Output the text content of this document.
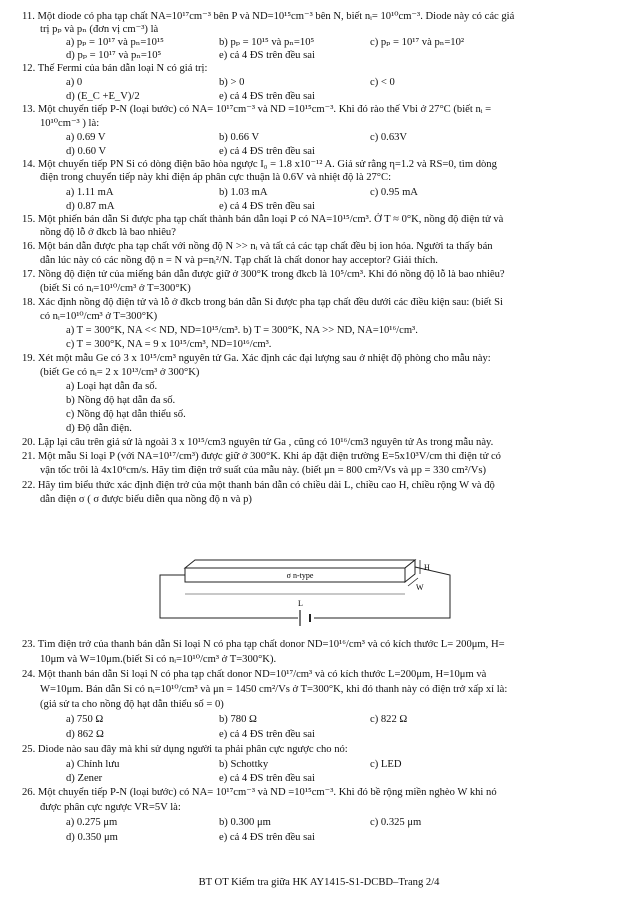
11. Một diode có pha tạp chất NA=10¹⁷cm⁻³ bên P và ND=10¹⁵cm⁻³ bên N, biết nᵢ= 10¹⁰cm⁻³. Diode này có các giá
trị pₚ và pₙ (đơn vị cm⁻³) là
a) pₚ = 10¹⁷ và pₙ=10¹⁵	b) pₚ = 10¹⁵ và pₙ=10⁵	c) pₚ = 10¹⁷ và pₙ=10²
d) pₚ = 10¹⁷ và pₙ=10⁵	e) cả 4 ĐS trên đều sai
12. Thế Fermi của bán dẫn loại N có giá trị:
a) 0	b) > 0	c) < 0
d) (E_C +E_V)/2	e) cả 4 ĐS trên đều sai
13. Một chuyển tiếp P-N (loại bước) có NA= 10¹⁷cm⁻³ và ND =10¹⁵cm⁻³. Khi đó rào thế Vbi ở 27°C (biết nᵢ =
10¹⁰cm⁻³ ) là:
a) 0.69 V	b) 0.66 V	c) 0.63V
d) 0.60 V	e) cả 4 ĐS trên đều sai
14. Một chuyển tiếp PN Si có dòng điện bão hòa ngược I₀ = 1.8 x10⁻¹² A. Giả sử rằng η=1.2 và RS=0, tìm dòng
điện trong chuyển tiếp này khi điện áp phân cực thuận là 0.6V và nhiệt độ là 27°C:
a) 1.11 mA	b) 1.03 mA	c) 0.95 mA
d) 0.87 mA	e) cả 4 ĐS trên đều sai
15. Một phiến bán dẫn Si được pha tạp chất thành bán dẫn loại P có NA=10¹⁵/cm³. Ở T ≈ 0°K, nồng độ điện tử và
nồng độ lỗ ở đkcb là bao nhiêu?
16. Một bán dẫn được pha tạp chất với nồng độ N >> nᵢ và tất cả các tạp chất đều bị ion hóa. Người ta thấy bán
dẫn lúc này có các nồng độ n = N và p=nᵢ²/N. Tạp chất là chất donor hay acceptor? Giải thích.
17. Nồng độ điện tử của miếng bán dẫn được giữ ở 300°K trong đkcb là 10⁵/cm³. Khi đó nồng độ lỗ là bao nhiêu?
(biết Si có nᵢ=10¹⁰/cm³ ở T=300°K)
18. Xác định nồng độ điện tử và lỗ ở đkcb trong bán dẫn Si được pha tạp chất đều dưới các điều kiện sau: (biết Si
có nᵢ=10¹⁰/cm³ ở T=300°K)
a) T = 300°K, NA << ND, ND=10¹⁵/cm³. b) T = 300°K, NA >> ND, NA=10¹⁶/cm³.
c) T = 300°K, NA = 9 x 10¹⁵/cm³, ND=10¹⁶/cm³.
19. Xét một mẫu Ge có 3 x 10¹⁵/cm³ nguyên tử Ga. Xác định các đại lượng sau ở nhiệt độ phòng cho mẫu này:
(biết Ge có nᵢ= 2 x 10¹³/cm³ ở 300°K)
a) Loại hạt dẫn đa số.
b) Nồng độ hạt dẫn đa số.
c) Nồng độ hạt dẫn thiểu số.
d) Độ dẫn điện.
20. Lặp lại câu trên giả sử là ngoài 3 x 10¹⁵/cm3 nguyên tử Ga , cũng có 10¹⁶/cm3 nguyên tử As trong mẫu này.
21. Một mẫu Si loại P (với NA=10¹⁷/cm³) được giữ ở 300°K. Khi áp đặt điện trường E=5x10³V/cm thì điện tử có
vận tốc trôi là 4x10⁶cm/s. Hãy tìm điện trở suất của mẫu này. (biết μn = 800 cm²/Vs và μp = 330 cm²/Vs)
22. Hãy tìm biểu thức xác định điện trở của một thanh bán dẫn có chiều dài L, chiều cao H, chiều rộng W và độ
dẫn điện σ ( σ được biểu diễn qua nồng độ n và p)
σ n-type
H
W
L
23. Tìm điện trở của thanh bán dẫn Si loại N có pha tạp chất donor ND=10¹⁶/cm³ và có kích thước L= 200μm, H=
10μm và W=10μm.(biết Si có nᵢ=10¹⁰/cm³ ở T=300°K).
24. Một thanh bán dẫn Si loại N có pha tạp chất donor ND=10¹⁷/cm³ và có kích thước L=200μm, H=10μm và
W=10μm. Bán dẫn Si có nᵢ=10¹⁰/cm³ và μn = 1450 cm²/Vs ở T=300°K, khi đó thanh này có điện trở xấp xỉ là:
(giả sử ta cho nồng độ hạt dẫn thiểu số = 0)
a) 750 Ω	b) 780 Ω	c) 822 Ω
d) 862 Ω	e) cả 4 ĐS trên đều sai
25. Diode nào sau đây mà khi sử dụng người ta phải phân cực ngược cho nó:
a) Chỉnh lưu	b) Schottky	c) LED
d) Zener	e) cả 4 ĐS trên đều sai
26. Một chuyển tiếp P-N (loại bước) có NA= 10¹⁷cm⁻³ và ND =10¹⁵cm⁻³. Khi đó bề rộng miền nghèo W khi nó
được phân cực ngược VR=5V là:
a) 0.275 μm	b) 0.300 μm	c) 0.325 μm
d) 0.350 μm	e) cả 4 ĐS trên đều sai
BT OT Kiểm tra giữa HK AY1415-S1-DCBD–Trang 2/4
